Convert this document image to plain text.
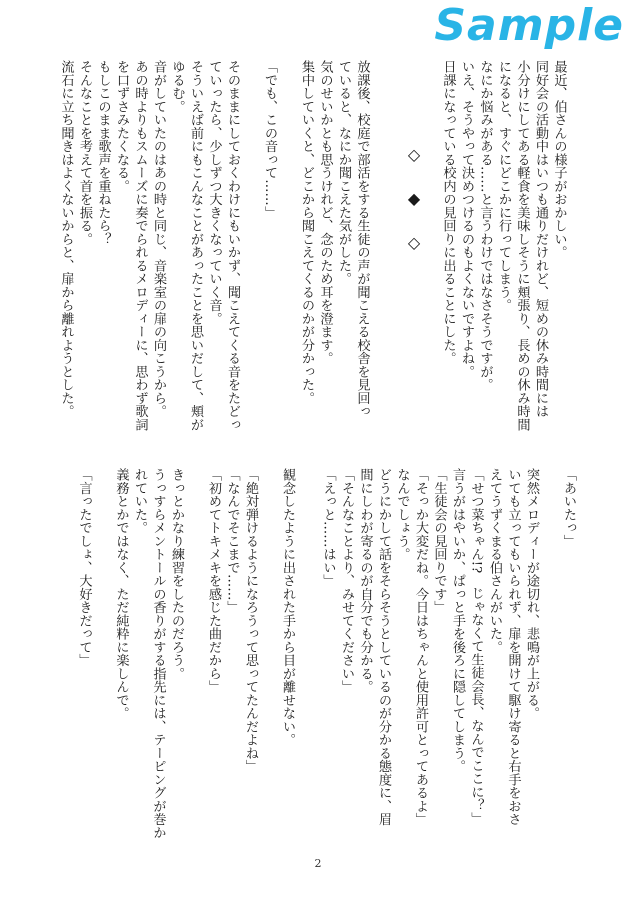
Sample
最近、伯さんの様子がおかしい。
同好会の活動中はいつも通りだけれど、短めの休み時間には
小分けにしてある軽食を美味しそうに頬張り、長めの休み時間
になると、すぐにどこかに行ってしまう。
なにか悩みがある……と言うわけではなさそうですが。
いえ、そうやって決めつけるのもよくないですよね。
日課になっている校内の見回りに出ることにした。
◇
◆
◇
放課後、校庭で部活をする生徒の声が聞こえる校舎を見回っ
ていると、なにか聞こえた気がした。
気のせいかとも思うけれど、念のため耳を澄ます。
集中していくと、どこから聞こえてくるのかが分かった。
「でも、この音って……」
そのままにしておくわけにもいかず、聞こえてくる音をたどっ
ていったら、少しずつ大きくなっていく音。
そういえば前にもこんなことがあったことを思いだして、頬が
ゆるむ。
音がしていたのはあの時と同じ、音楽室の扉の向こうから。
あの時よりもスムーズに奏でられるメロディーに、思わず歌詞
を口ずさみたくなる。
もしこのまま歌声を重ねたら？
そんなことを考えて首を振る。
流石に立ち聞きはよくないからと、扉から離れようとした。
「あいたっ」
突然メロディーが途切れ、悲鳴が上がる。
いても立ってもいられず、扉を開けて駆け寄ると右手をおさ
えてうずくまる伯さんがいた。
「せつ菜ちゃん!?　じゃなくて生徒会長、なんでここに？」
言うがはやいか、ぱっと手を後ろに隠してしまう。
「生徒会の見回りです」
「そっか大変だね。今日はちゃんと使用許可とってあるよ」
なんでしょう。
どうにかして話をそらそうとしているのが分かる態度に、眉
間にしわが寄るのが自分でも分かる。
「そんなことより、みせてください」
「えっと……はい」
観念したように出された手から目が離せない。
「絶対弾けるようになろうって思ってたんだよね」
「なんでそこまで……」
「初めてトキメキを感じた曲だから」
きっとかなり練習をしたのだろう。
うっすらメントールの香りがする指先には、テーピングが巻か
れていた。
義務とかではなく、ただ純粋に楽しんで。
「言ったでしょ、大好きだって」
2
